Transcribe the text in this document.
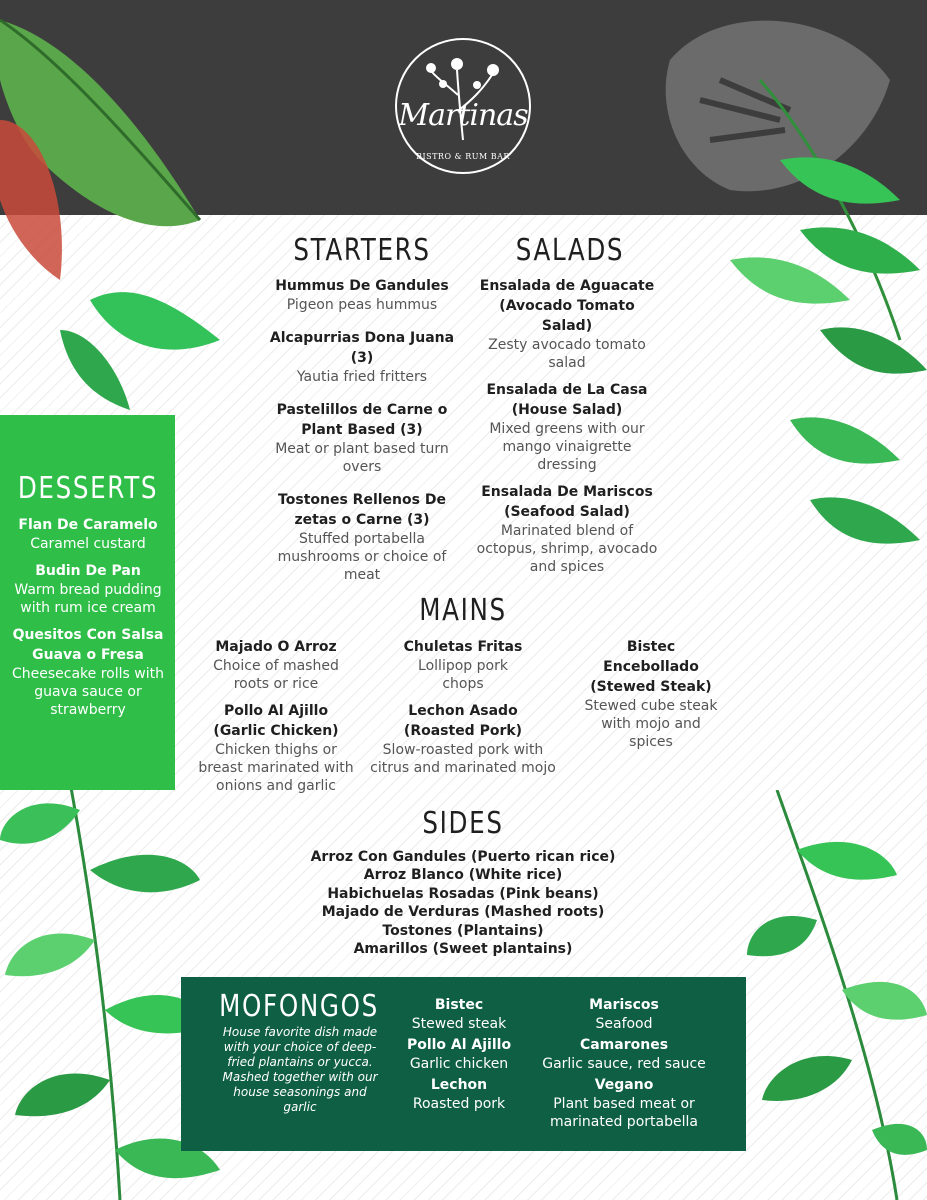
Martinas
BISTRO & RUM BAR
STARTERS
Hummus De Gandules
Pigeon peas hummus
Alcapurrias Dona Juana (3)
Yautia fried fritters
Pastelillos de Carne o Plant Based (3)
Meat or plant based turn overs
Tostones Rellenos De zetas o Carne (3)
Stuffed portabella mushrooms or choice of meat
SALADS
Ensalada de Aguacate (Avocado Tomato Salad)
Zesty avocado tomato salad
Ensalada de La Casa (House Salad)
Mixed greens with our mango vinaigrette dressing
Ensalada De Mariscos (Seafood Salad)
Marinated blend of octopus, shrimp, avocado and spices
DESSERTS
Flan De Caramelo
Caramel custard
Budin De Pan
Warm bread pudding with rum ice cream
Quesitos Con Salsa Guava o Fresa
Cheesecake rolls with guava sauce or strawberry
MAINS
Majado O Arroz
Choice of mashed roots or rice
Pollo Al Ajillo (Garlic Chicken)
Chicken thighs or breast marinated with onions and garlic
Chuletas Fritas
Lollipop pork chops
Lechon Asado (Roasted Pork)
Slow-roasted pork with citrus and marinated mojo
Bistec Encebollado (Stewed Steak)
Stewed cube steak with mojo and spices
SIDES
Arroz Con Gandules (Puerto rican rice)
Arroz Blanco (White rice)
Habichuelas Rosadas (Pink beans)
Majado de Verduras (Mashed roots)
Tostones (Plantains)
Amarillos (Sweet plantains)
MOFONGOS
House favorite dish made with your choice of deep-fried plantains or yucca. Mashed together with our house seasonings and garlic
Bistec
Stewed steak
Pollo Al Ajillo
Garlic chicken
Lechon
Roasted pork
Mariscos
Seafood
Camarones
Garlic sauce, red sauce
Vegano
Plant based meat or marinated portabella
